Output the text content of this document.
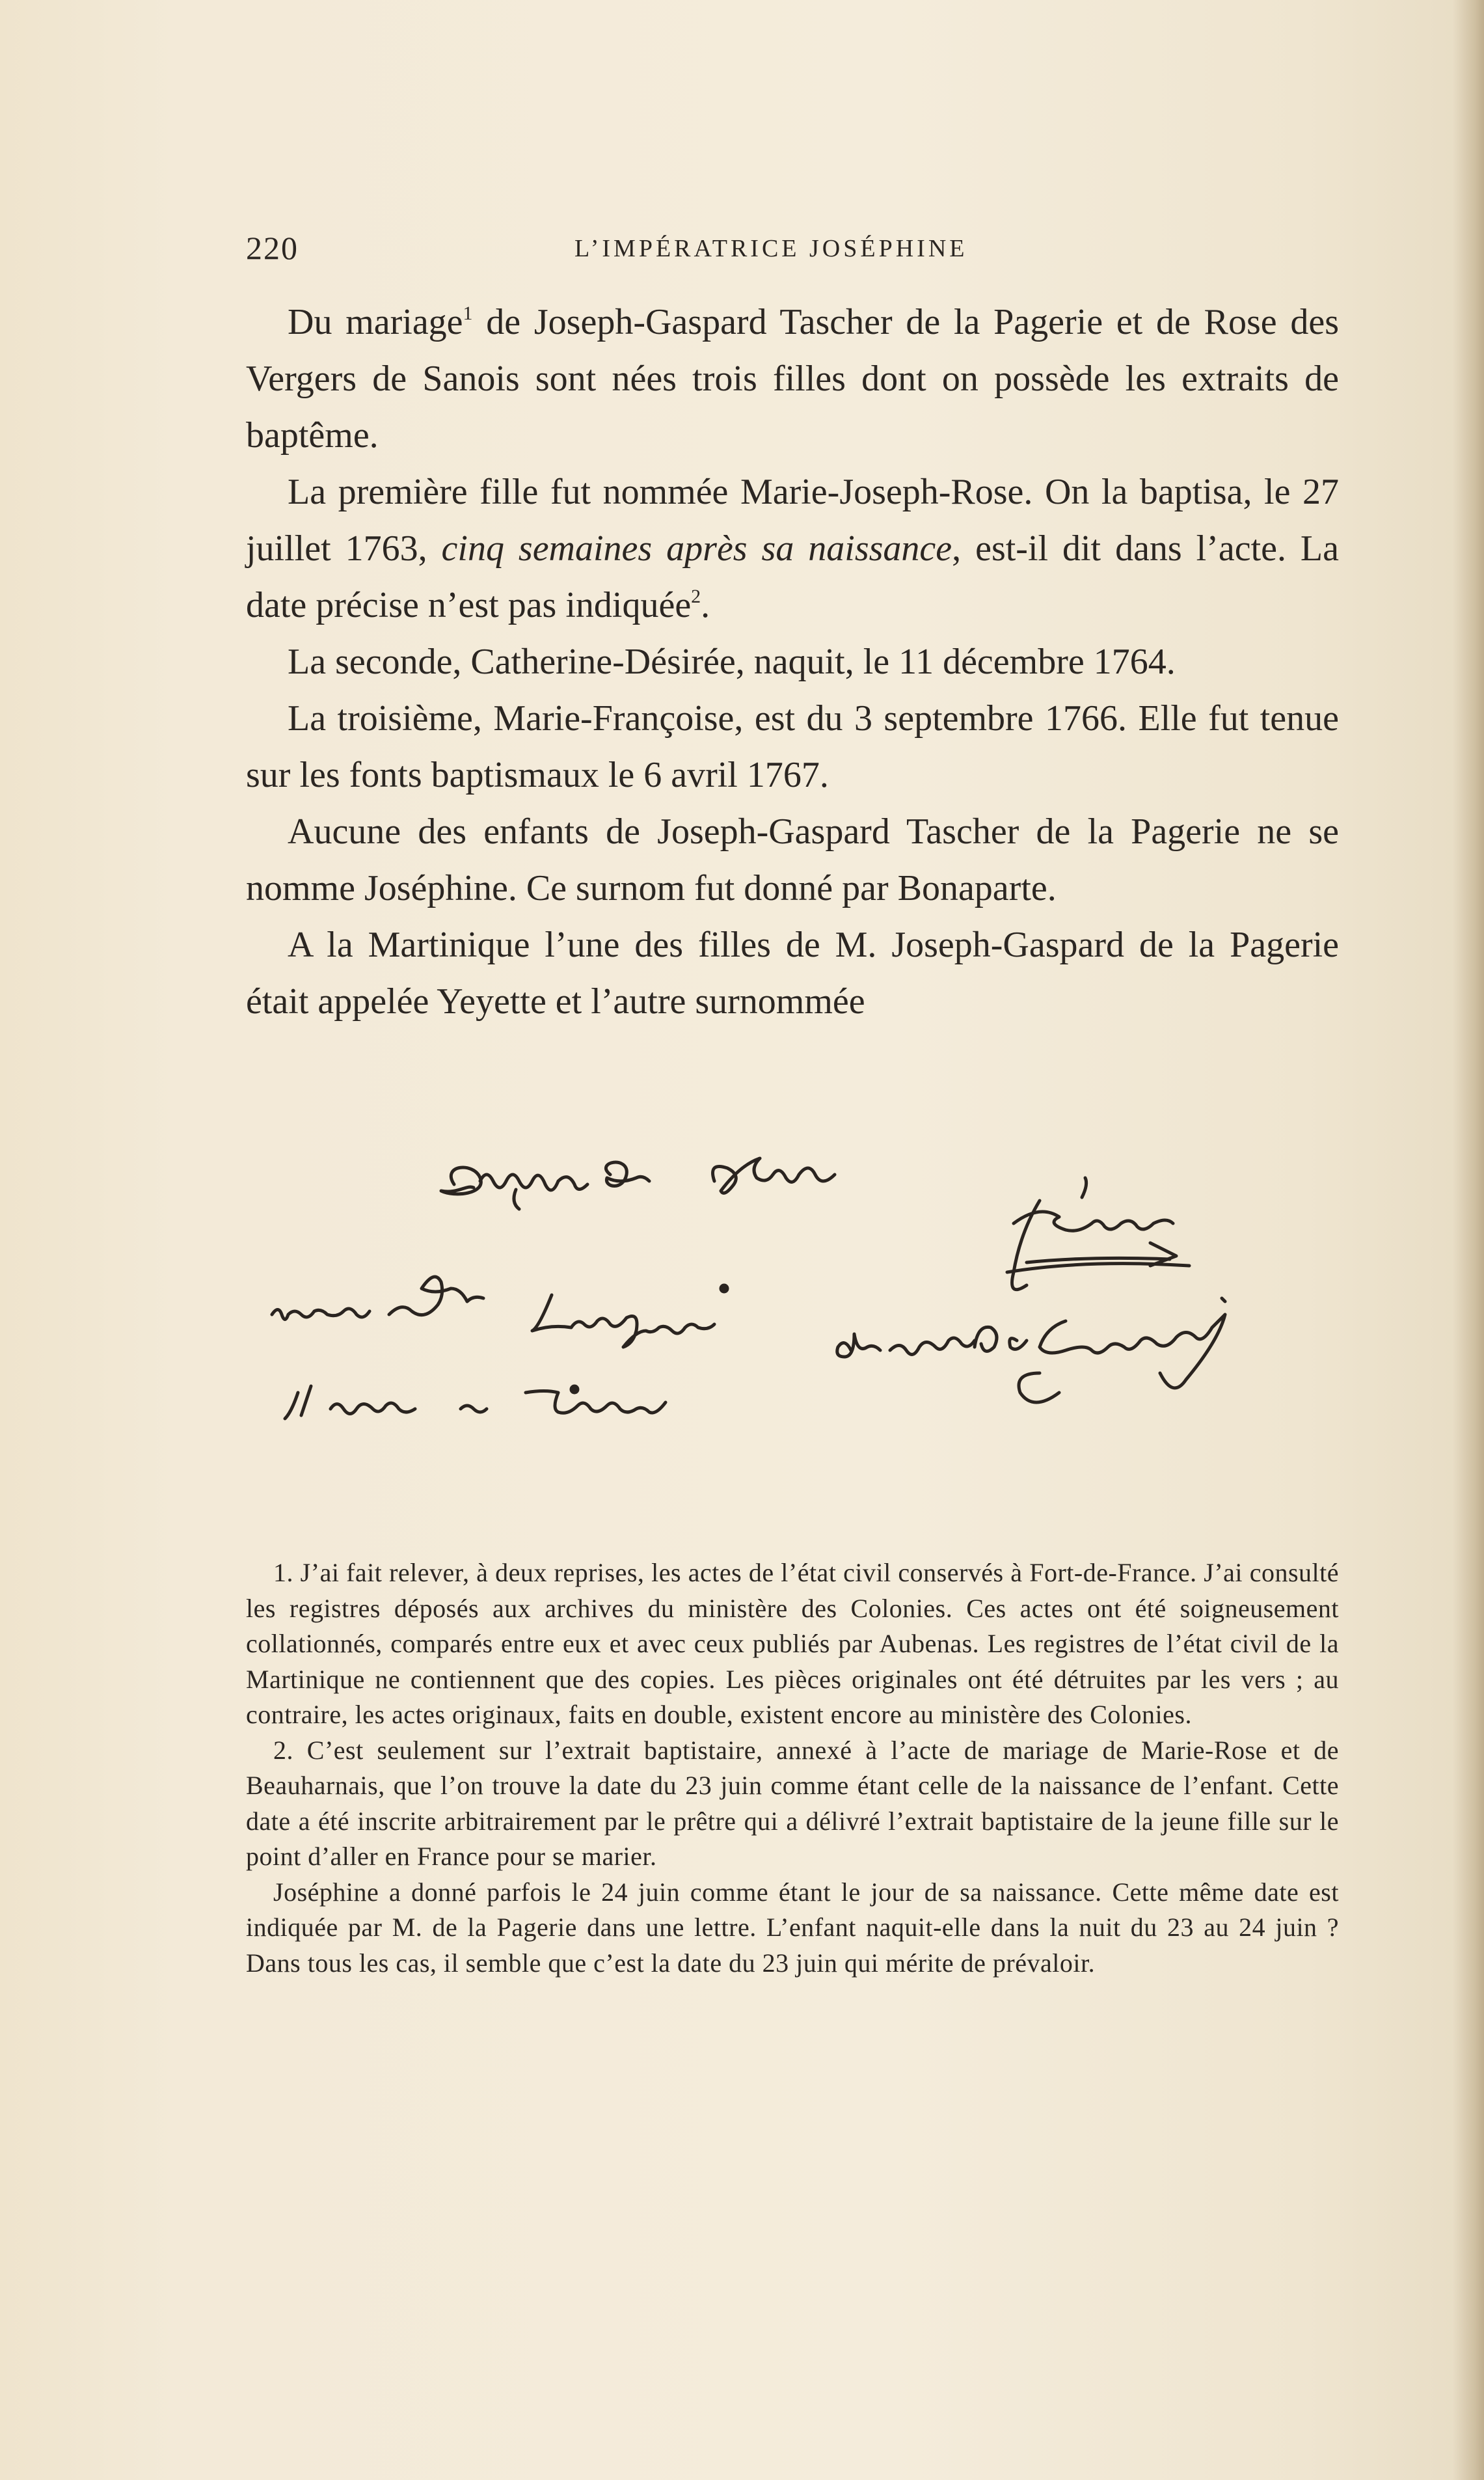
220	L’IMPÉRATRICE JOSÉPHINE

Du mariage$^1$ de Joseph-Gaspard Tascher de la Pagerie et de Rose des Vergers de Sanois sont nées trois filles dont on possède les extraits de baptême.

La première fille fut nommée Marie-Joseph-Rose. On la baptisa, le 27 juillet 1763, cinq semaines après sa naissance, est-il dit dans l’acte. La date précise n’est pas indiquée$^2$.

La seconde, Catherine-Désirée, naquit, le 11 décembre 1764.

La troisième, Marie-Françoise, est du 3 septembre 1766. Elle fut tenue sur les fonts baptismaux le 6 avril 1767.

Aucune des enfants de Joseph-Gaspard Tascher de la Pagerie ne se nomme Joséphine. Ce surnom fut donné par Bonaparte.

A la Martinique l’une des filles de M. Joseph-Gaspard de la Pagerie était appelée Yeyette et l’autre surnommée

1. J’ai fait relever, à deux reprises, les actes de l’état civil conservés à Fort-de-France. J’ai consulté les registres déposés aux archives du ministère des Colonies. Ces actes ont été soigneusement collationnés, comparés entre eux et avec ceux publiés par Aubenas. Les registres de l’état civil de la Martinique ne contiennent que des copies. Les pièces originales ont été détruites par les vers ; au contraire, les actes originaux, faits en double, existent encore au ministère des Colonies.

2. C’est seulement sur l’extrait baptistaire, annexé à l’acte de mariage de Marie-Rose et de Beauharnais, que l’on trouve la date du 23 juin comme étant celle de la naissance de l’enfant. Cette date a été inscrite arbitrairement par le prêtre qui a délivré l’extrait baptistaire de la jeune fille sur le point d’aller en France pour se marier.

Joséphine a donné parfois le 24 juin comme étant le jour de sa naissance. Cette même date est indiquée par M. de la Pagerie dans une lettre. L’enfant naquit-elle dans la nuit du 23 au 24 juin ? Dans tous les cas, il semble que c’est la date du 23 juin qui mérite de prévaloir.
